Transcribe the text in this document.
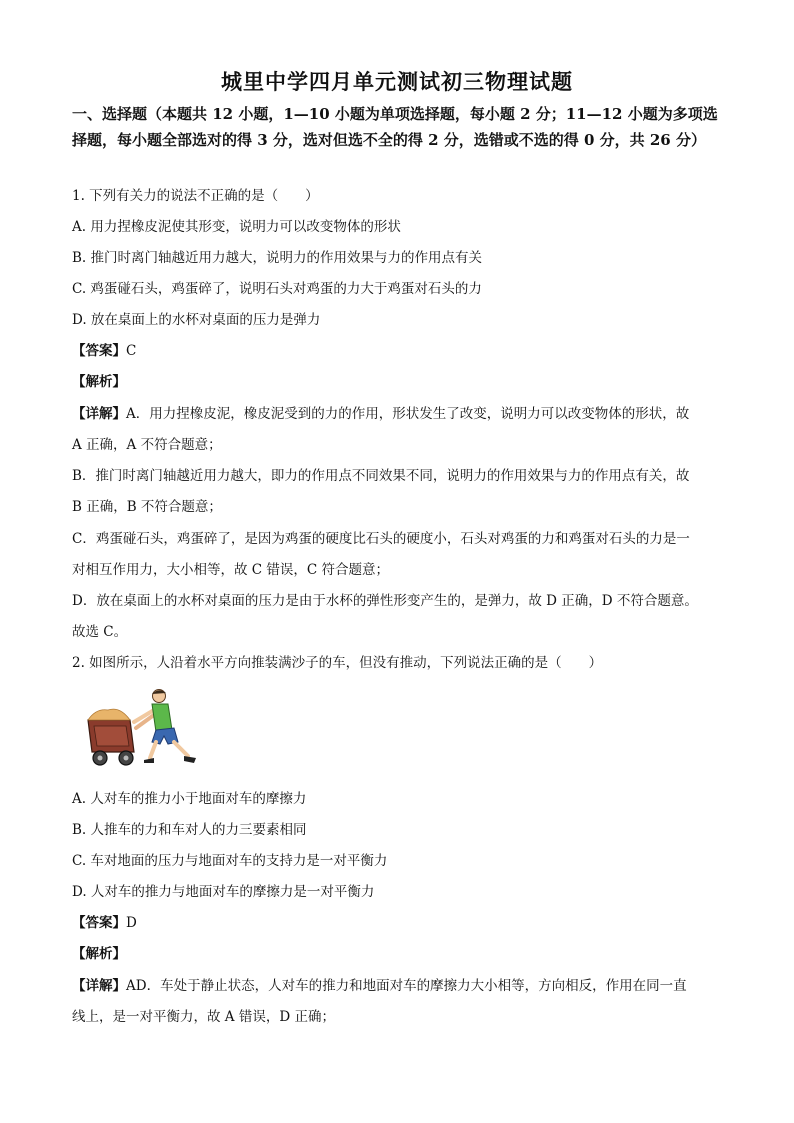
城里中学四月单元测试初三物理试题
一、选择题（本题共 12 小题，1—10 小题为单项选择题，每小题 2 分；11—12 小题为多项选择题，每小题全部选对的得 3 分，选对但选不全的得 2 分，选错或不选的得 0 分，共 26 分）
1. 下列有关力的说法不正确的是（　　）
A. 用力捏橡皮泥使其形变，说明力可以改变物体的形状
B. 推门时离门轴越近用力越大，说明力的作用效果与力的作用点有关
C. 鸡蛋碰石头，鸡蛋碎了，说明石头对鸡蛋的力大于鸡蛋对石头的力
D. 放在桌面上的水杯对桌面的压力是弹力
【答案】C
【解析】
【详解】A．用力捏橡皮泥，橡皮泥受到的力的作用，形状发生了改变，说明力可以改变物体的形状，故
A 正确，A 不符合题意；
B．推门时离门轴越近用力越大，即力的作用点不同效果不同，说明力的作用效果与力的作用点有关，故
B 正确，B 不符合题意；
C．鸡蛋碰石头，鸡蛋碎了，是因为鸡蛋的硬度比石头的硬度小，石头对鸡蛋的力和鸡蛋对石头的力是一
对相互作用力，大小相等，故 C 错误，C 符合题意；
D．放在桌面上的水杯对桌面的压力是由于水杯的弹性形变产生的，是弹力，故 D 正确，D 不符合题意。
故选 C。
2. 如图所示，人沿着水平方向推装满沙子的车，但没有推动，下列说法正确的是（　　）
A. 人对车的推力小于地面对车的摩擦力
B. 人推车的力和车对人的力三要素相同
C. 车对地面的压力与地面对车的支持力是一对平衡力
D. 人对车的推力与地面对车的摩擦力是一对平衡力
【答案】D
【解析】
【详解】AD．车处于静止状态，人对车的推力和地面对车的摩擦力大小相等，方向相反，作用在同一直
线上，是一对平衡力，故 A 错误，D 正确；
